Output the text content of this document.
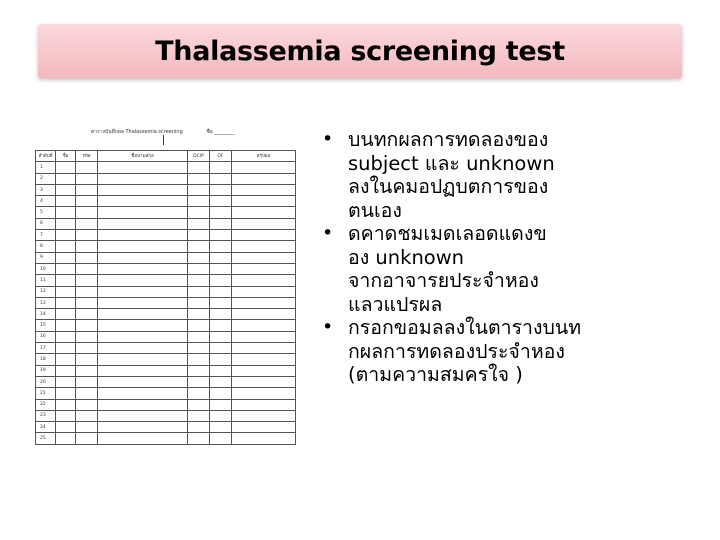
Thalassemia screening test
ตารางบันทึกผล Thalassemia screening	ชื่อ ________
ลำดับที่	ชื่อ	รหัส	ชื่อนามสกุล	DCIP	OF	สรุปผล
1						
2						
3						
4						
5						
6						
7						
8						
9						
10						
11						
12						
13						
14						
15						
16						
17						
18						
19						
20						
21						
22						
23						
24						
25						
• บนทกผลการทดลองของ
subject และ unknown
ลงในคมอปฏบตการของ
ตนเอง
• ดคาดชมเมดเลอดแดงข
อง unknown
จากอาจารยประจำหอง
แลวแปรผล
• กรอกขอมลลงในตารางบนท
กผลการทดลองประจำหอง
(ตามความสมครใจ )
